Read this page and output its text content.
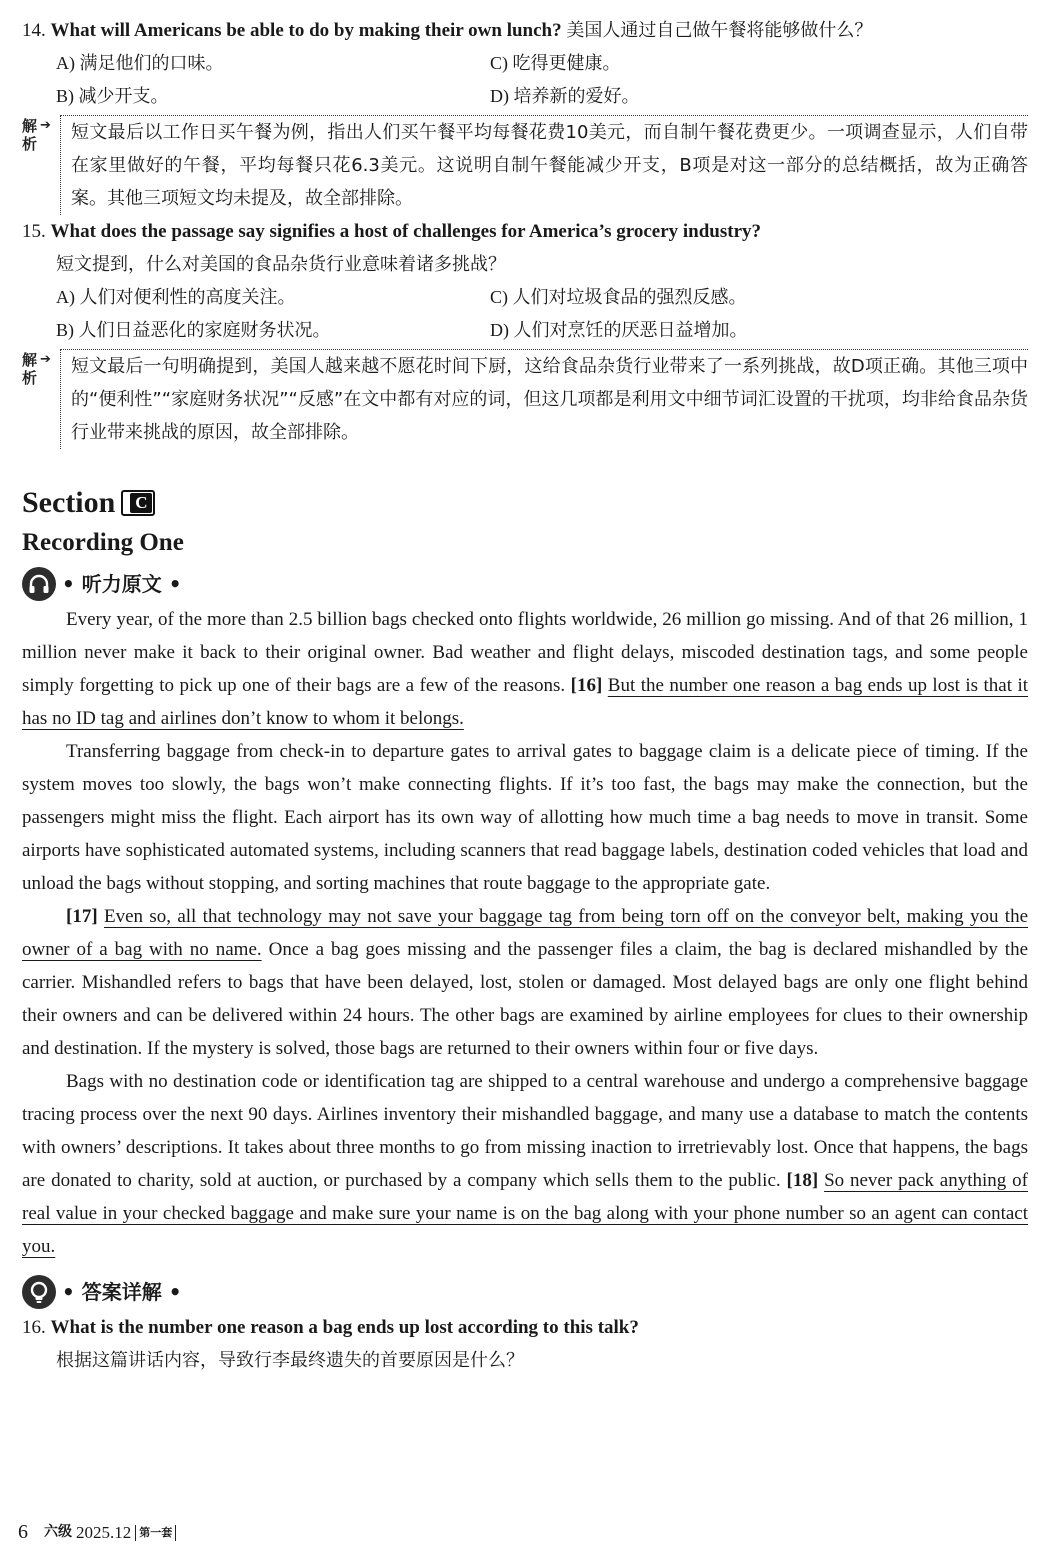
14. What will Americans be able to do by making their own lunch? 美国人通过自己做午餐将能够做什么？

A) 满足他们的口味。	C) 吃得更健康。
B) 减少开支。	D) 培养新的爱好。
解析
➔	短文最后以工作日买午餐为例，指出人们买午餐平均每餐花费10美元，而自制午餐花费更少。一项调查显示，人们自带在家里做好的午餐，平均每餐只花6.3美元。这说明自制午餐能减少开支，B项是对这一部分的总结概括，故为正确答案。其他三项短文均未提及，故全部排除。

15. What does the passage say signifies a host of challenges for America’s grocery industry?

短文提到，什么对美国的食品杂货行业意味着诸多挑战？
A) 人们对便利性的高度关注。	C) 人们对垃圾食品的强烈反感。
B) 人们日益恶化的家庭财务状况。	D) 人们对烹饪的厌恶日益增加。
解析
➔	短文最后一句明确提到，美国人越来越不愿花时间下厨，这给食品杂货行业带来了一系列挑战，故D项正确。其他三项中的“便利性”“家庭财务状况”“反感”在文中都有对应的词，但这几项都是利用文中细节词汇设置的干扰项，均非给食品杂货行业带来挑战的原因，故全部排除。
Section C
Recording One
• 听力原文 •

Every year, of the more than 2.5 billion bags checked onto flights worldwide, 26 million go missing. And of that 26 million, 1 million never make it back to their original owner. Bad weather and flight delays, miscoded destination tags, and some people simply forgetting to pick up one of their bags are a few of the reasons. [16] But the number one reason a bag ends up lost is that it has no ID tag and airlines don’t know to whom it belongs.

Transferring baggage from check-in to departure gates to arrival gates to baggage claim is a delicate piece of timing. If the system moves too slowly, the bags won’t make connecting flights. If it’s too fast, the bags may make the connection, but the passengers might miss the flight. Each airport has its own way of allotting how much time a bag needs to move in transit. Some airports have sophisticated automated systems, including scanners that read baggage labels, destination coded vehicles that load and unload the bags without stopping, and sorting machines that route baggage to the appropriate gate.

[17] Even so, all that technology may not save your baggage tag from being torn off on the conveyor belt, making you the owner of a bag with no name. Once a bag goes missing and the passenger files a claim, the bag is declared mishandled by the carrier. Mishandled refers to bags that have been delayed, lost, stolen or damaged. Most delayed bags are only one flight behind their owners and can be delivered within 24 hours. The other bags are examined by airline employees for clues to their ownership and destination. If the mystery is solved, those bags are returned to their owners within four or five days.

Bags with no destination code or identification tag are shipped to a central warehouse and undergo a comprehensive baggage tracing process over the next 90 days. Airlines inventory their mishandled baggage, and many use a database to match the contents with owners’ descriptions. It takes about three months to go from missing inaction to irretrievably lost. Once that happens, the bags are donated to charity, sold at auction, or purchased by a company which sells them to the public. [18] So never pack anything of real value in your checked baggage and make sure your name is on the bag along with your phone number so an agent can contact you.

• 答案详解 •

16. What is the number one reason a bag ends up lost according to this talk?

根据这篇讲话内容，导致行李最终遗失的首要原因是什么？
6 六级 2025.12 第一套
